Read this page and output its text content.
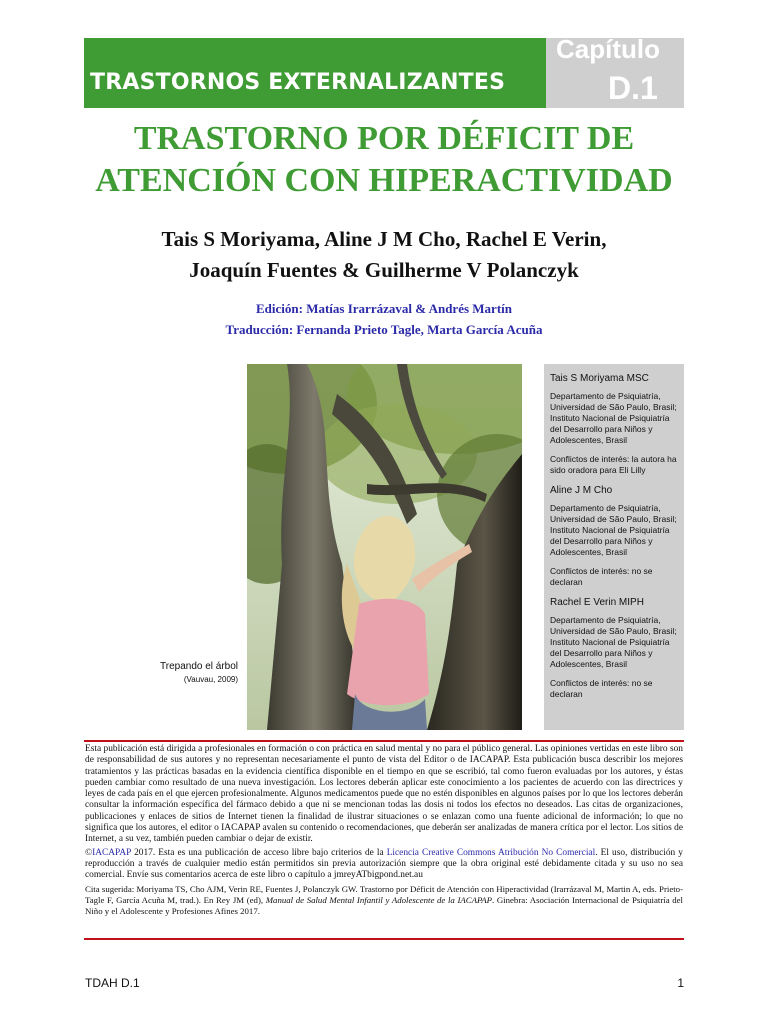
TRASTORNOS EXTERNALIZANTES
Capítulo
D.1
TRASTORNO POR DÉFICIT DE
ATENCIÓN CON HIPERACTIVIDAD
Tais S Moriyama, Aline J M Cho, Rachel E Verin,
Joaquín Fuentes & Guilherme V Polanczyk
Edición: Matías Irarrázaval & Andrés Martín
Traducción: Fernanda Prieto Tagle, Marta García Acuña
Trepando el árbol (Vauvau, 2009)
Tais S Moriyama MSC
Departamento de Psiquiatría, Universidad de São Paulo, Brasil; Instituto Nacional de Psiquiatría del Desarrollo para Niños y Adolescentes, Brasil
Conflictos de interés: la autora ha sido oradora para Eli Lilly
Aline J M Cho
Departamento de Psiquiatría, Universidad de São Paulo, Brasil; Instituto Nacional de Psiquiatría del Desarrollo para Niños y Adolescentes, Brasil
Conflictos de interés: no se declaran
Rachel E Verin MIPH
Departamento de Psiquiatría, Universidad de São Paulo, Brasil; Instituto Nacional de Psiquiatría del Desarrollo para Niños y Adolescentes, Brasil
Conflictos de interés: no se declaran

Esta publicación está dirigida a profesionales en formación o con práctica en salud mental y no para el público general. Las opiniones vertidas en este libro son de responsabilidad de sus autores y no representan necesariamente el punto de vista del Editor o de IACAPAP. Esta publicación busca describir los mejores tratamientos y las prácticas basadas en la evidencia científica disponible en el tiempo en que se escribió, tal como fueron evaluadas por los autores, y éstas pueden cambiar como resultado de una nueva investigación. Los lectores deberán aplicar este conocimiento a los pacientes de acuerdo con las directrices y leyes de cada país en el que ejercen profesionalmente. Algunos medicamentos puede que no estén disponibles en algunos países por lo que los lectores deberán consultar la información específica del fármaco debido a que ni se mencionan todas las dosis ni todos los efectos no deseados. Las citas de organizaciones, publicaciones y enlaces de sitios de Internet tienen la finalidad de ilustrar situaciones o se enlazan como una fuente adicional de información; lo que no significa que los autores, el editor o IACAPAP avalen su contenido o recomendaciones, que deberán ser analizadas de manera crítica por el lector. Los sitios de Internet, a su vez, también pueden cambiar o dejar de existir.

©IACAPAP 2017. Esta es una publicación de acceso libre bajo criterios de la Licencia Creative Commons Atribución No Comercial. El uso, distribución y reproducción a través de cualquier medio están permitidos sin previa autorización siempre que la obra original esté debidamente citada y su uso no sea comercial. Envíe sus comentarios acerca de este libro o capítulo a jmreyATbigpond.net.au

Cita sugerida: Moriyama TS, Cho AJM, Verin RE, Fuentes J, Polanczyk GW. Trastorno por Déficit de Atención con Hiperactividad (Irarrázaval M, Martin A, eds. Prieto-Tagle F, García Acuña M, trad.). En Rey JM (ed), Manual de Salud Mental Infantil y Adolescente de la IACAPAP. Ginebra: Asociación Internacional de Psiquiatría del Niño y el Adolescente y Profesiones Afines 2017.

TDAH D.1	1
